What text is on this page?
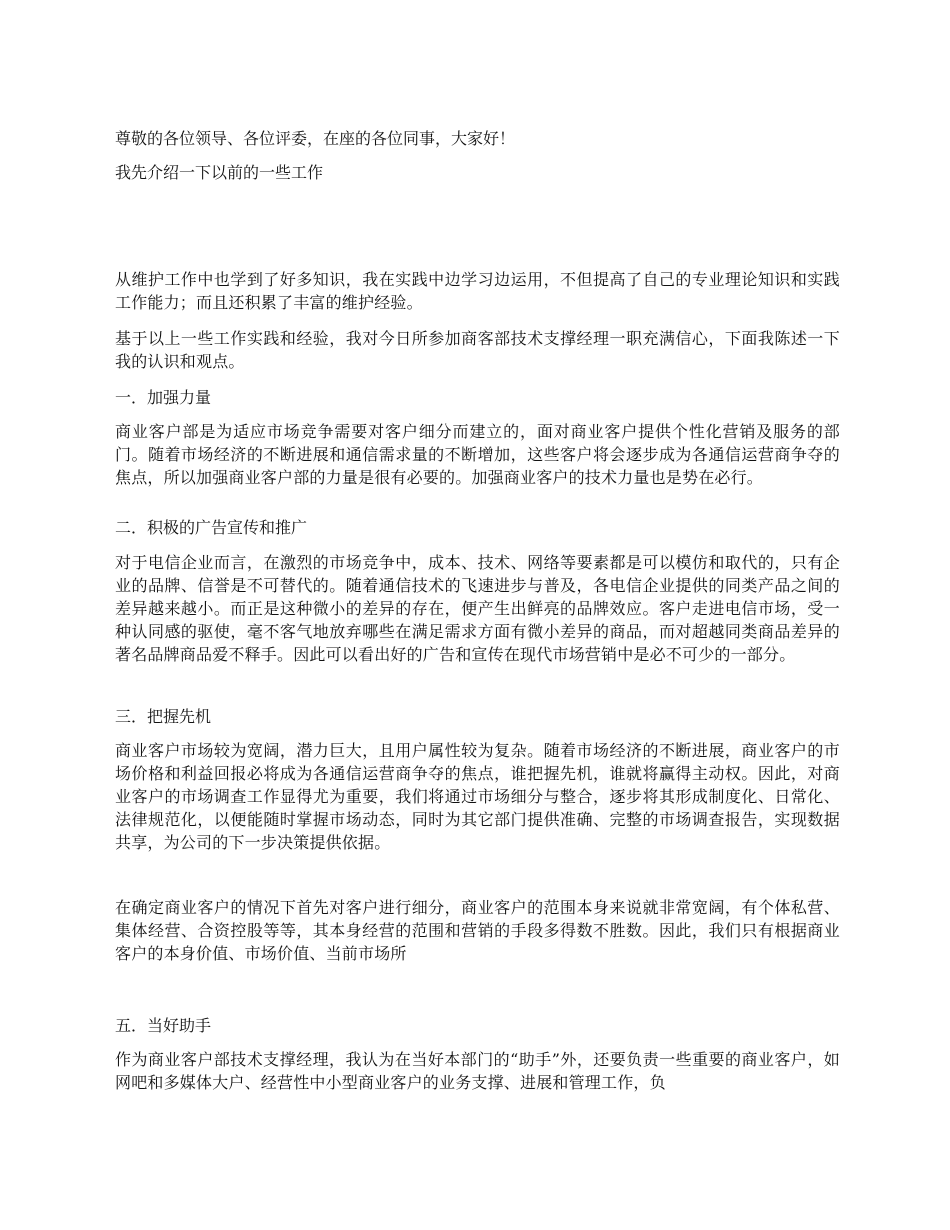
尊敬的各位领导、各位评委，在座的各位同事，大家好！

我先介绍一下以前的一些工作

从维护工作中也学到了好多知识，我在实践中边学习边运用，不但提高了自己的专业理论知识和实践工作能力；而且还积累了丰富的维护经验。

基于以上一些工作实践和经验，我对今日所参加商客部技术支撑经理一职充满信心，下面我陈述一下我的认识和观点。

一．加强力量

商业客户部是为适应市场竞争需要对客户细分而建立的，面对商业客户提供个性化营销及服务的部门。随着市场经济的不断进展和通信需求量的不断增加，这些客户将会逐步成为各通信运营商争夺的焦点，所以加强商业客户部的力量是很有必要的。加强商业客户的技术力量也是势在必行。

二．积极的广告宣传和推广

对于电信企业而言，在激烈的市场竞争中，成本、技术、网络等要素都是可以模仿和取代的，只有企业的品牌、信誉是不可替代的。随着通信技术的飞速进步与普及，各电信企业提供的同类产品之间的差异越来越小。而正是这种微小的差异的存在，便产生出鲜亮的品牌效应。客户走进电信市场，受一种认同感的驱使，毫不客气地放弃哪些在满足需求方面有微小差异的商品，而对超越同类商品差异的著名品牌商品爱不释手。因此可以看出好的广告和宣传在现代市场营销中是必不可少的一部分。

三．把握先机

商业客户市场较为宽阔，潜力巨大，且用户属性较为复杂。随着市场经济的不断进展，商业客户的市场价格和利益回报必将成为各通信运营商争夺的焦点，谁把握先机，谁就将赢得主动权。因此，对商业客户的市场调查工作显得尤为重要，我们将通过市场细分与整合，逐步将其形成制度化、日常化、法律规范化，以便能随时掌握市场动态，同时为其它部门提供准确、完整的市场调查报告，实现数据共享，为公司的下一步决策提供依据。

在确定商业客户的情况下首先对客户进行细分，商业客户的范围本身来说就非常宽阔，有个体私营、集体经营、合资控股等等，其本身经营的范围和营销的手段多得数不胜数。因此，我们只有根据商业客户的本身价值、市场价值、当前市场所

五．当好助手

作为商业客户部技术支撑经理，我认为在当好本部门的“助手”外，还要负责一些重要的商业客户，如网吧和多媒体大户、经营性中小型商业客户的业务支撑、进展和管理工作，负
